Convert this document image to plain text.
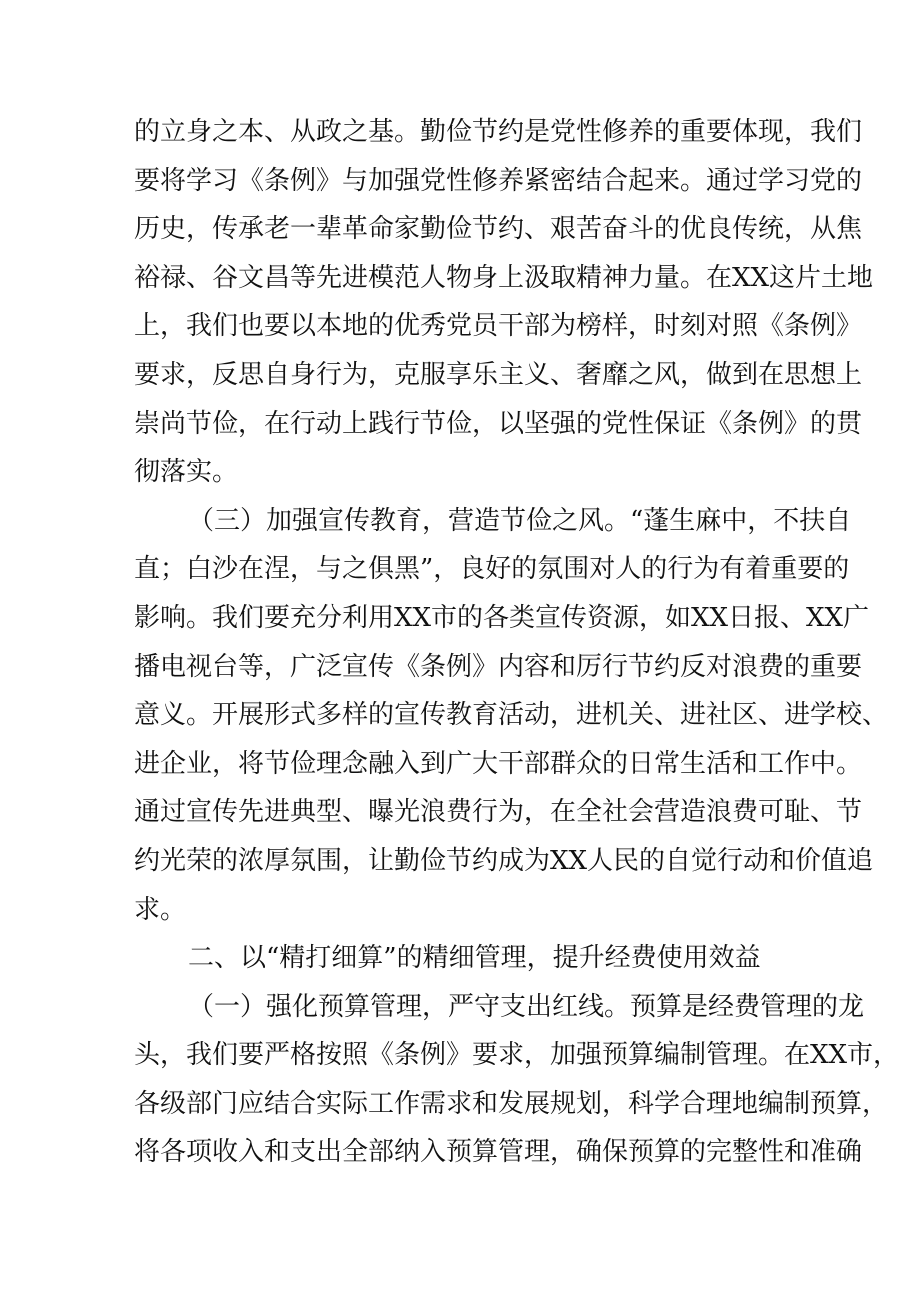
的立身之本、从政之基。勤俭节约是党性修养的重要体现，我们
要将学习《条例》与加强党性修养紧密结合起来。通过学习党的
历史，传承老一辈革命家勤俭节约、艰苦奋斗的优良传统，从焦
裕禄、谷文昌等先进模范人物身上汲取精神力量。在XX这片土地
上，我们也要以本地的优秀党员干部为榜样，时刻对照《条例》
要求，反思自身行为，克服享乐主义、奢靡之风，做到在思想上
崇尚节俭，在行动上践行节俭，以坚强的党性保证《条例》的贯
彻落实。
（三）加强宣传教育，营造节俭之风。“蓬生麻中，不扶自
直；白沙在涅，与之俱黑”，良好的氛围对人的行为有着重要的
影响。我们要充分利用XX市的各类宣传资源，如XX日报、XX广
播电视台等，广泛宣传《条例》内容和厉行节约反对浪费的重要
意义。开展形式多样的宣传教育活动，进机关、进社区、进学校、
进企业，将节俭理念融入到广大干部群众的日常生活和工作中。
通过宣传先进典型、曝光浪费行为，在全社会营造浪费可耻、节
约光荣的浓厚氛围，让勤俭节约成为XX人民的自觉行动和价值追
求。
二、以“精打细算”的精细管理，提升经费使用效益
（一）强化预算管理，严守支出红线。预算是经费管理的龙
头，我们要严格按照《条例》要求，加强预算编制管理。在XX市，
各级部门应结合实际工作需求和发展规划，科学合理地编制预算，
将各项收入和支出全部纳入预算管理，确保预算的完整性和准确
